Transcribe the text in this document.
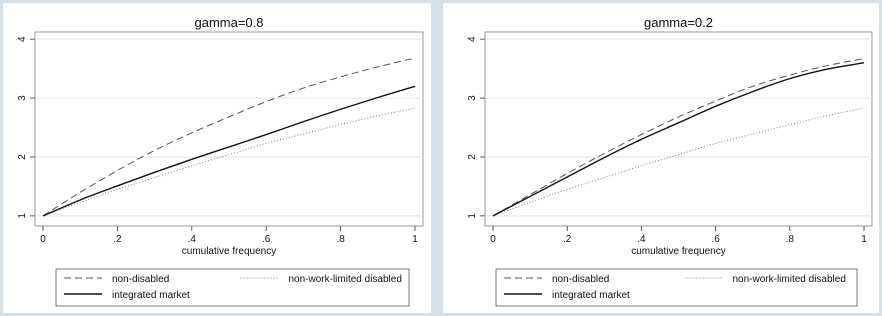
gamma=0.8
1
2
3
4
0	.2	.4	.6	.8	1
cumulative frequency
non-disabled	non-work-limited disabled
integrated market
gamma=0.2
1
2
3
4
0	.2	.4	.6	.8	1
cumulative frequency
non-disabled	non-work-limited disabled
integrated market
